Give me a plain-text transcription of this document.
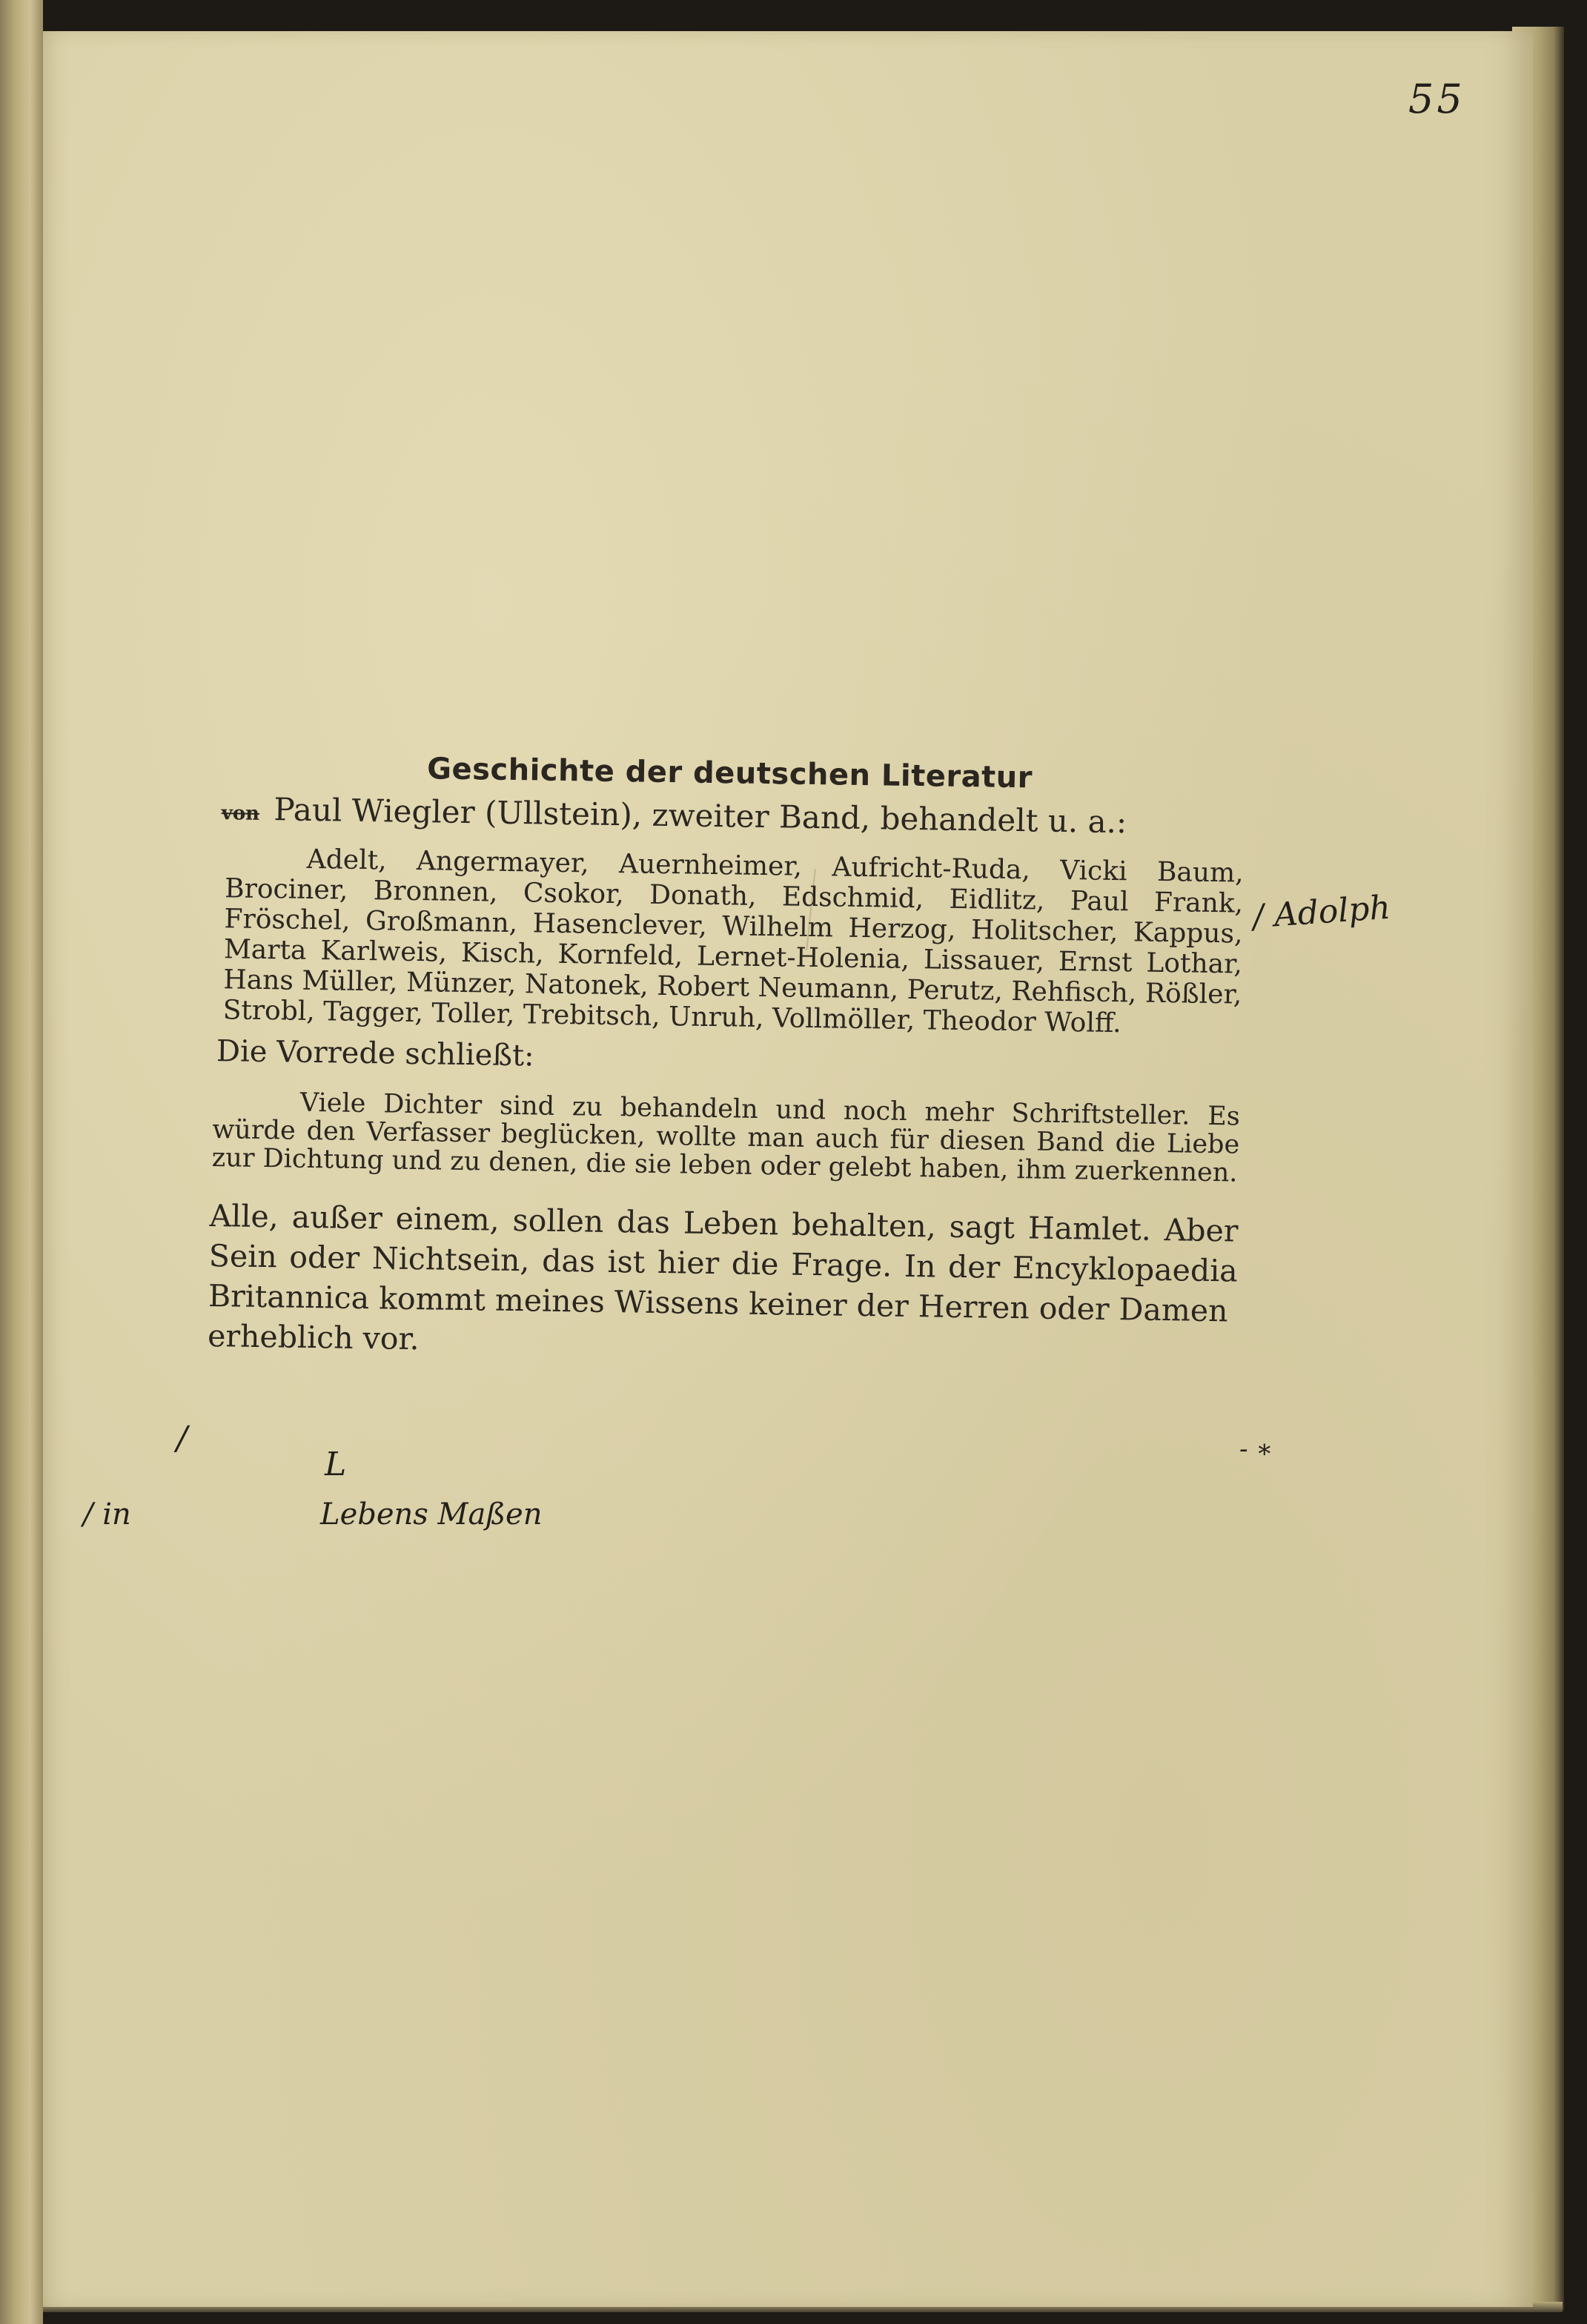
55
Geschichte der deutschen Literatur
von Paul Wiegler (Ullstein), zweiter Band, behandelt u. a.:
Adelt, Angermayer, Auernheimer, Aufricht-Ruda, Vicki Baum, Brociner, Bronnen, Csokor, Donath, Edschmid, Eidlitz, Paul Frank, Fröschel, Großmann, Hasenclever, Wilhelm Herzog, Holitscher, Kappus, Marta Karlweis, Kisch, Kornfeld, Lernet-Holenia, Lissauer, Ernst Lothar, Hans Müller, Münzer, Natonek, Robert Neumann, Perutz, Rehfisch, Rößler, Strobl, Tagger, Toller, Trebitsch, Unruh, Vollmöller, Theodor Wolff.
Die Vorrede schließt:
Viele Dichter sind zu behandeln und noch mehr Schriftsteller. Es würde den Verfasser beglücken, wollte man auch für diesen Band die Liebe zur Dichtung und zu denen, die sie leben oder gelebt haben, ihm zuerkennen.
Alle, außer einem, sollen das Leben behalten, sagt Hamlet. Aber Sein oder Nichtsein, das ist hier die Frage. In der Encyklopaedia Britannica kommt meines Wissens keiner der Herren oder Damen
erheblich vor.
/ Adolph
/	- ∗
/ in	Lebens Maßen
L
